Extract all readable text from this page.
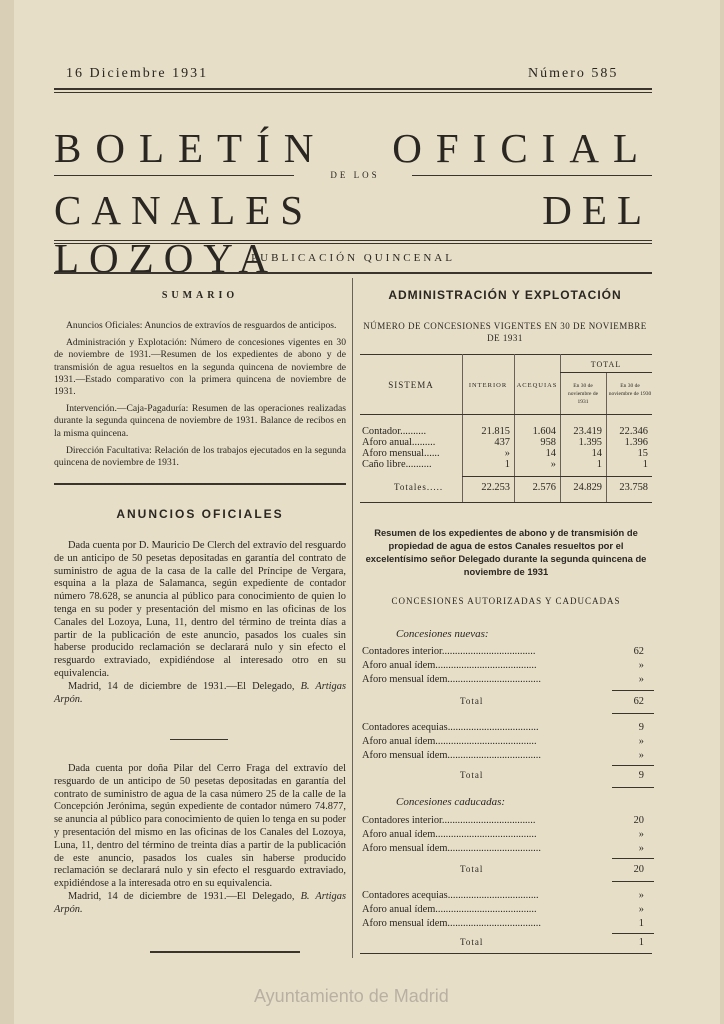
16 Diciembre 1931	Número 585
BOLETÍN OFICIAL
DE LOS
CANALES DEL LOZOYA
PUBLICACIÓN QUINCENAL
SUMARIO

Anuncios Oficiales: Anuncios de extravíos de resguardos de anticipos.

Administración y Explotación: Número de concesiones vigentes en 30 de noviembre de 1931.—Resumen de los expedientes de abono y de transmisión de agua resueltos en la segunda quincena de noviembre de 1931.—Estado comparativo con la primera quincena de noviembre de 1931.

Intervención.—Caja-Pagaduría: Resumen de las operaciones realizadas durante la segunda quincena de noviembre de 1931. Balance de recibos en la misma quincena.

Dirección Facultativa: Relación de los trabajos ejecutados en la segunda quincena de noviembre de 1931.

ANUNCIOS OFICIALES

Dada cuenta por D. Mauricio De Clerch del extravío del resguardo de un anticipo de 50 pesetas depositadas en garantía del contrato de suministro de agua de la casa de la calle del Príncipe de Vergara, esquina a la plaza de Salamanca, según expediente de contador número 78.628, se anuncia al público para conocimiento de quien lo tenga en su poder y presentación del mismo en las oficinas de los Canales del Lozoya, Luna, 11, dentro del término de treinta días a partir de la publicación de este anuncio, pasados los cuales sin haberse producido reclamación se declarará nulo y sin efecto el resguardo extraviado, expidiéndose al interesado otro en su equivalencia.

Madrid, 14 de diciembre de 1931.—El Delegado, B. Artigas Arpón.

Dada cuenta por doña Pilar del Cerro Fraga del extravío del resguardo de un anticipo de 50 pesetas depositadas en garantía del contrato de suministro de agua de la casa número 25 de la calle de la Concepción Jerónima, según expediente de contador número 74.877, se anuncia al público para conocimiento de quien lo tenga en su poder y presentación del mismo en las oficinas de los Canales del Lozoya, Luna, 11, dentro del término de treinta días a partir de la publicación de este anuncio, pasados los cuales sin haberse producido reclamación se declarará nulo y sin efecto el resguardo extraviado, expidiéndose a la interesada otro en su equivalencia.

Madrid, 14 de diciembre de 1931.—El Delegado, B. Artigas Arpón.

ADMINISTRACIÓN Y EXPLOTACIÓN
NÚMERO DE CONCESIONES VIGENTES EN 30 DE NOVIEMBRE DE 1931
SISTEMA	INTERIOR	ACEQUIAS
TOTAL
En 30 de noviembre de 1931
En 30 de noviembre de 1930
Contador..........	21.815	1.604	23.419	22.346
Aforo anual.........	437	958	1.395	1.396
Aforo mensual......	»	14	14	15
Caño libre..........	1	»	1	1
Totales.....	22.253	2.576	24.829	23.758
Resumen de los expedientes de abono y de transmisión de propiedad de agua de estos Canales resueltos por el excelentísimo señor Delegado durante la segunda quincena de noviembre de 1931
CONCESIONES AUTORIZADAS Y CADUCADAS
Concesiones nuevas:
Contadores interior....................................	62
Aforo anual ídem.......................................	»
Aforo mensual ídem....................................	»
Total	62
Contadores acequias...................................	9
Aforo anual ídem.......................................	»
Aforo mensual ídem....................................	»
Total	9
Concesiones caducadas:
Contadores interior....................................	20
Aforo anual ídem.......................................	»
Aforo mensual ídem....................................	»
Total	20
Contadores acequias...................................	»
Aforo anual ídem.......................................	»
Aforo mensual ídem....................................	1
Total	1
Ayuntamiento de Madrid
